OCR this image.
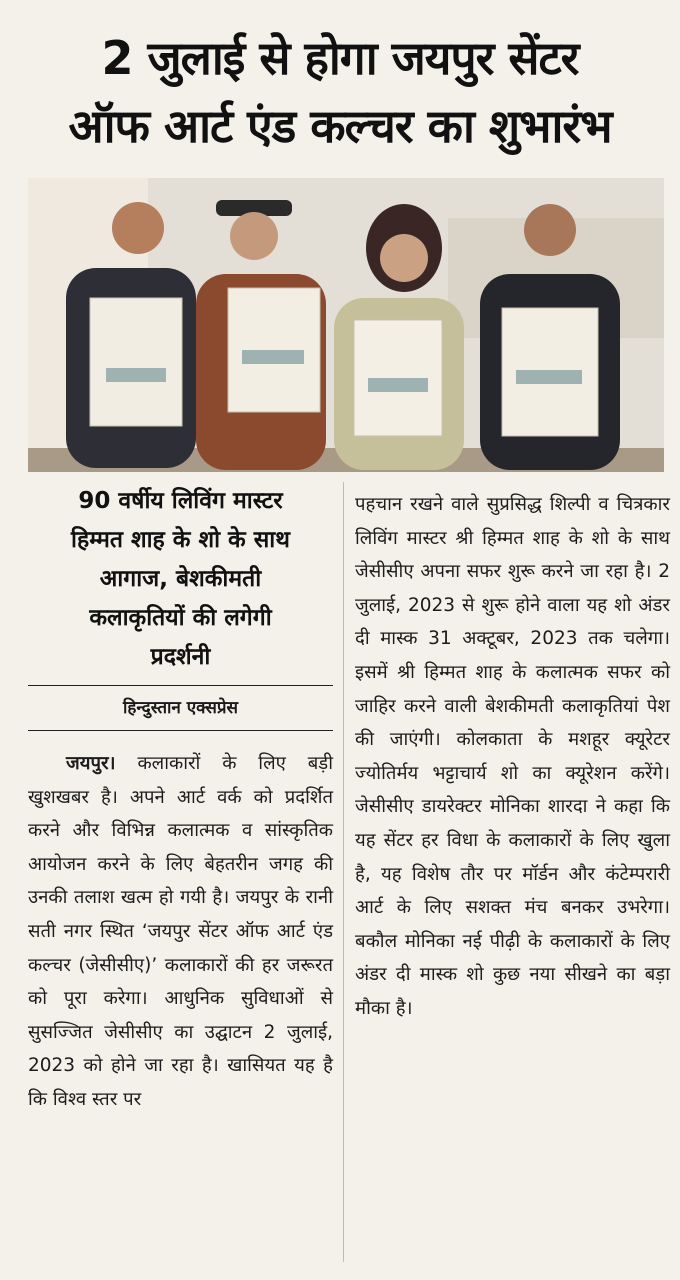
2 जुलाई से होगा जयपुर सेंटर
ऑफ आर्ट एंड कल्चर का शुभारंभ
90 वर्षीय लिविंग मास्टर
हिम्मत शाह के शो के साथ
आगाज, बेशकीमती
कलाकृतियों की लगेगी
प्रदर्शनी
हिन्दुस्तान एक्सप्रेस
जयपुर। कलाकारों के लिए बड़ी खुशखबर है। अपने आर्ट वर्क को प्रदर्शित करने और विभिन्न कलात्मक व सांस्कृतिक आयोजन करने के लिए बेहतरीन जगह की उनकी तलाश खत्म हो गयी है। जयपुर के रानी सती नगर स्थित ‘जयपुर सेंटर ऑफ आर्ट एंड कल्चर (जेसीसीए)’ कलाकारों की हर जरूरत को पूरा करेगा। आधुनिक सुविधाओं से सुसज्जित जेसीसीए का उद्घाटन 2 जुलाई, 2023 को होने जा रहा है। खासियत यह है कि विश्व स्तर पर
पहचान रखने वाले सुप्रसिद्ध शिल्पी व चित्रकार लिविंग मास्टर श्री हिम्मत शाह के शो के साथ जेसीसीए अपना सफर शुरू करने जा रहा है। 2 जुलाई, 2023 से शुरू होने वाला यह शो अंडर दी मास्क 31 अक्टूबर, 2023 तक चलेगा। इसमें श्री हिम्मत शाह के कलात्मक सफर को जाहिर करने वाली बेशकीमती कलाकृतियां पेश की जाएंगी। कोलकाता के मशहूर क्यूरेटर ज्योतिर्मय भट्टाचार्य शो का क्यूरेशन करेंगे। जेसीसीए डायरेक्टर मोनिका शारदा ने कहा कि यह सेंटर हर विधा के कलाकारों के लिए खुला है, यह विशेष तौर पर मॉर्डन और कंटेम्परारी आर्ट के लिए सशक्त मंच बनकर उभरेगा। बकौल मोनिका नई पीढ़ी के कलाकारों के लिए अंडर दी मास्क शो कुछ नया सीखने का बड़ा मौका है।
